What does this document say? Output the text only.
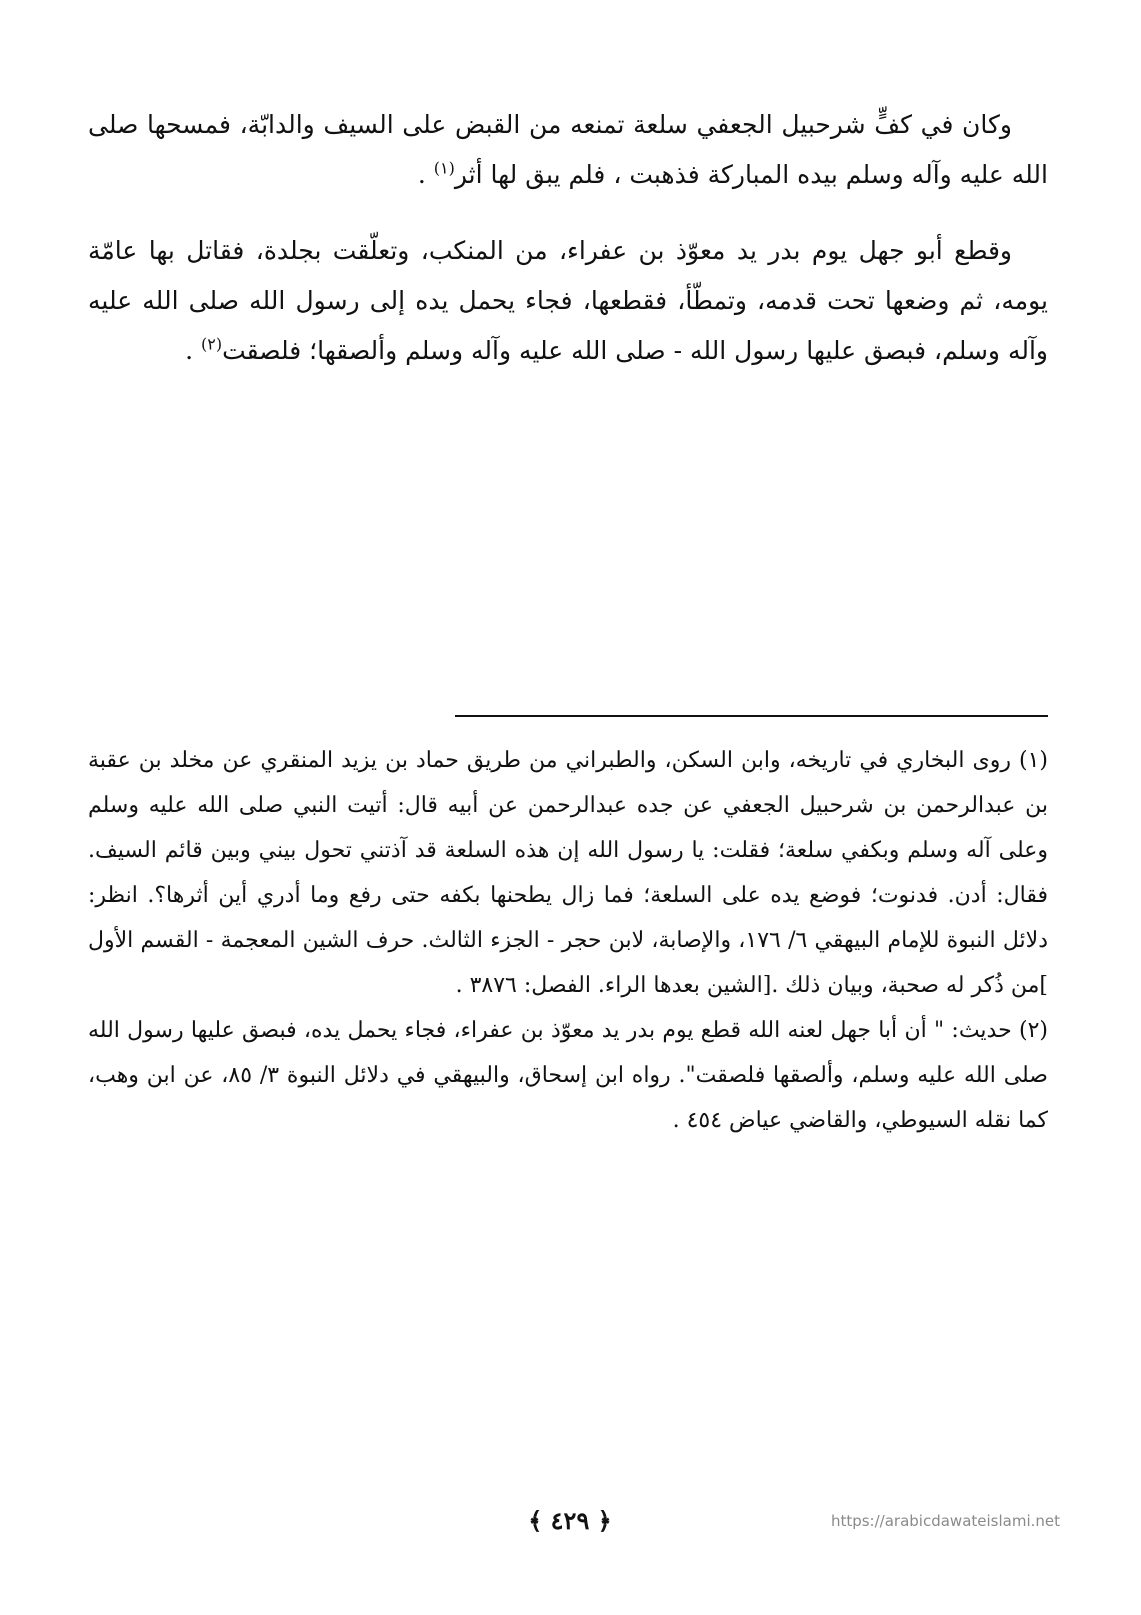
وكان في كفٍّ شرحبيل الجعفي سلعة تمنعه من القبض على السيف والدابّة، فمسحها صلى الله عليه وآله وسلم بيده المباركة فذهبت ، فلم يبق لها أثر$^{(١)}$ .

وقطع أبو جهل يوم بدر يد معوّذ بن عفراء، من المنكب، وتعلّقت بجلدة، فقاتل بها عامّة يومه، ثم وضعها تحت قدمه، وتمطّأ، فقطعها، فجاء يحمل يده إلى رسول الله صلى الله عليه وآله وسلم، فبصق عليها رسول الله - صلى الله عليه وآله وسلم وألصقها؛ فلصقت$^{(٢)}$ .

(١) روى البخاري في تاريخه، وابن السكن، والطبراني من طريق حماد بن يزيد المنقري عن مخلد بن عقبة بن عبدالرحمن بن شرحبيل الجعفي عن جده عبدالرحمن عن أبيه قال: أتيت النبي صلى الله عليه وسلم وعلى آله وسلم وبكفي سلعة؛ فقلت: يا رسول الله إن هذه السلعة قد آذتني تحول بيني وبين قائم السيف. فقال: أدن. فدنوت؛ فوضع يده على السلعة؛ فما زال يطحنها بكفه حتى رفع وما أدري أين أثرها؟. انظر: دلائل النبوة للإمام البيهقي ٦/ ١٧٦، والإصابة، لابن حجر - الجزء الثالث. حرف الشين المعجمة - القسم الأول ]من ذُكر له صحبة، وبيان ذلك .[الشين بعدها الراء. الفصل: ٣٨٧٦ .

(٢) حديث: " أن أبا جهل لعنه الله قطع يوم بدر يد معوّذ بن عفراء، فجاء يحمل يده، فبصق عليها رسول الله صلى الله عليه وسلم، وألصقها فلصقت". رواه ابن إسحاق، والبيهقي في دلائل النبوة ٣/ ٨٥، عن ابن وهب، كما نقله السيوطي، والقاضي عياض ٤٥٤ .

﴿ ٤٢٩ ﴾	https://arabicdawateislami.net
